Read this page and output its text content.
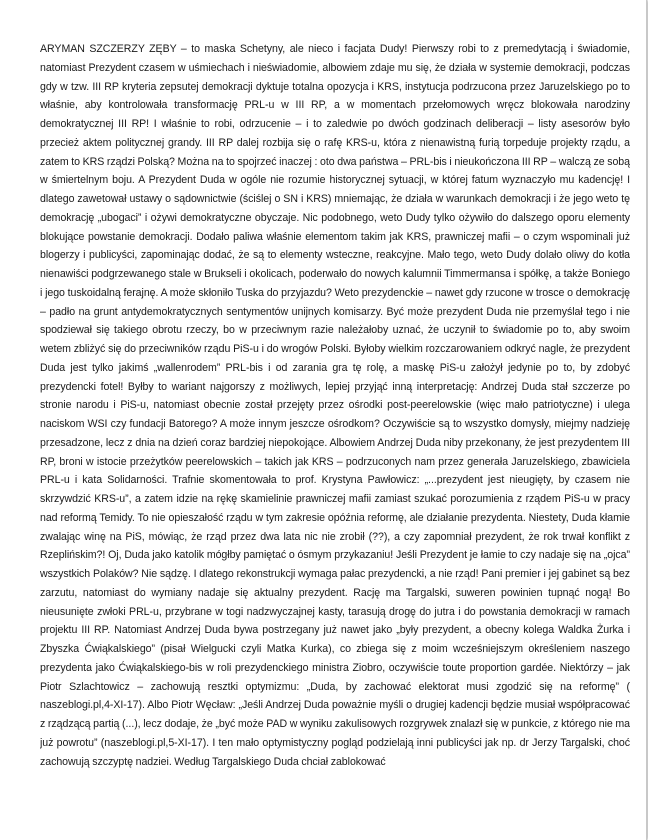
ARYMAN SZCZERZY ZĘBY – to maska Schetyny, ale nieco i facjata Dudy! Pierwszy robi to z premedytacją i świadomie, natomiast Prezydent czasem w uśmiechach i nieświadomie, albowiem zdaje mu się, że działa w systemie demokracji, podczas gdy w tzw. III RP kryteria zepsutej demokracji dyktuje totalna opozycja i KRS, instytucja podrzucona przez Jaruzelskiego po to właśnie, aby kontrolowała transformację PRL-u w III RP, a w momentach przełomowych wręcz blokowała narodziny demokratycznej III RP! I właśnie to robi, odrzucenie – i to zaledwie po dwóch godzinach deliberacji – listy asesorów było przecież aktem politycznej grandy. III RP dalej rozbija się o rafę KRS-u, która z nienawistną furią torpeduje projekty rządu, a zatem to KRS rządzi Polską? Można na to spojrzeć inaczej : oto dwa państwa – PRL-bis i nieukończona III RP – walczą ze sobą w śmiertelnym boju. A Prezydent Duda w ogóle nie rozumie historycznej sytuacji, w której fatum wyznaczyło mu kadencję! I dlatego zawetował ustawy o sądownictwie (ściślej o SN i KRS) mniemając, że działa w warunkach demokracji i że jego weto tę demokrację „ubogaci” i ożywi demokratyczne obyczaje. Nic podobnego, weto Dudy tylko ożywiło do dalszego oporu elementy blokujące powstanie demokracji. Dodało paliwa właśnie elementom takim jak KRS, prawniczej mafii – o czym wspominali już blogerzy i publicyści, zapominając dodać, że są to elementy wsteczne, reakcyjne. Mało tego, weto Dudy dolało oliwy do kotła nienawiści podgrzewanego stale w Brukseli i okolicach, poderwało do nowych kalumnii Timmermansa i spółkę, a także Boniego i jego tuskoidalną ferajnę. A może skłoniło Tuska do przyjazdu? Weto prezydenckie – nawet gdy rzucone w trosce o demokrację – padło na grunt antydemokratycznych sentymentów unijnych komisarzy. Być może prezydent Duda nie przemyślał tego i nie spodziewał się takiego obrotu rzeczy, bo w przeciwnym razie należałoby uznać, że uczynił to świadomie po to, aby swoim wetem zbliżyć się do przeciwników rządu PiS-u i do wrogów Polski. Byłoby wielkim rozczarowaniem odkryć nagle, że prezydent Duda jest tylko jakimś „wallenrodem” PRL-bis i od zarania gra tę rolę, a maskę PiS-u założył jedynie po to, by zdobyć prezydencki fotel! Byłby to wariant najgorszy z możliwych, lepiej przyjąć inną interpretację: Andrzej Duda stał szczerze po stronie narodu i PiS-u, natomiast obecnie został przejęty przez ośrodki post-peerelowskie (więc mało patriotyczne) i ulega naciskom WSI czy fundacji Batorego? A może innym jeszcze ośrodkom? Oczywiście są to wszystko domysły, miejmy nadzieję przesadzone, lecz z dnia na dzień coraz bardziej niepokojące. Albowiem Andrzej Duda niby przekonany, że jest prezydentem III RP, broni w istocie przeżytków peerelowskich – takich jak KRS – podrzuconych nam przez generała Jaruzelskiego, zbawiciela PRL-u i kata Solidarności. Trafnie skomentowała to prof. Krystyna Pawłowicz: „...prezydent jest nieugięty, by czasem nie skrzywdzić KRS-u”, a zatem idzie na rękę skamielinie prawniczej mafii zamiast szukać porozumienia z rządem PiS-u w pracy nad reformą Temidy. To nie opieszałość rządu w tym zakresie opóźnia reformę, ale działanie prezydenta. Niestety, Duda kłamie zwalając winę na PiS, mówiąc, że rząd przez dwa lata nic nie zrobił (??), a czy zapomniał prezydent, że rok trwał konflikt z Rzeplińskim?! Oj, Duda jako katolik mógłby pamiętać o ósmym przykazaniu! Jeśli Prezydent je łamie to czy nadaje się na „ojca” wszystkich Polaków? Nie sądzę. I dlatego rekonstrukcji wymaga pałac prezydencki, a nie rząd! Pani premier i jej gabinet są bez zarzutu, natomiast do wymiany nadaje się aktualny prezydent. Rację ma Targalski, suweren powinien tupnąć nogą! Bo nieusunięte zwłoki PRL-u, przybrane w togi nadzwyczajnej kasty, tarasują drogę do jutra i do powstania demokracji w ramach projektu III RP. Natomiast Andrzej Duda bywa postrzegany już nawet jako „były prezydent, a obecny kolega Waldka Żurka i Zbyszka Ćwiąkalskiego” (pisał Wielgucki czyli Matka Kurka), co zbiega się z moim wcześniejszym określeniem naszego prezydenta jako Ćwiąkalskiego-bis w roli prezydenckiego ministra Ziobro, oczywiście toute proportion gardée. Niektórzy – jak Piotr Szlachtowicz – zachowują resztki optymizmu: „Duda, by zachować elektorat musi zgodzić się na reformę” ( naszeblogi.pl,4-XI-17). Albo Piotr Węcław: „Jeśli Andrzej Duda poważnie myśli o drugiej kadencji będzie musiał współpracować z rządzącą partią (...), lecz dodaje, że „być może PAD w wyniku zakulisowych rozgrywek znalazł się w punkcie, z którego nie ma już powrotu” (naszeblogi.pl,5-XI-17). I ten mało optymistyczny pogląd podzielają inni publicyści jak np. dr Jerzy Targalski, choć zachowują szczyptę nadziei. Według Targalskiego Duda chciał zablokować
